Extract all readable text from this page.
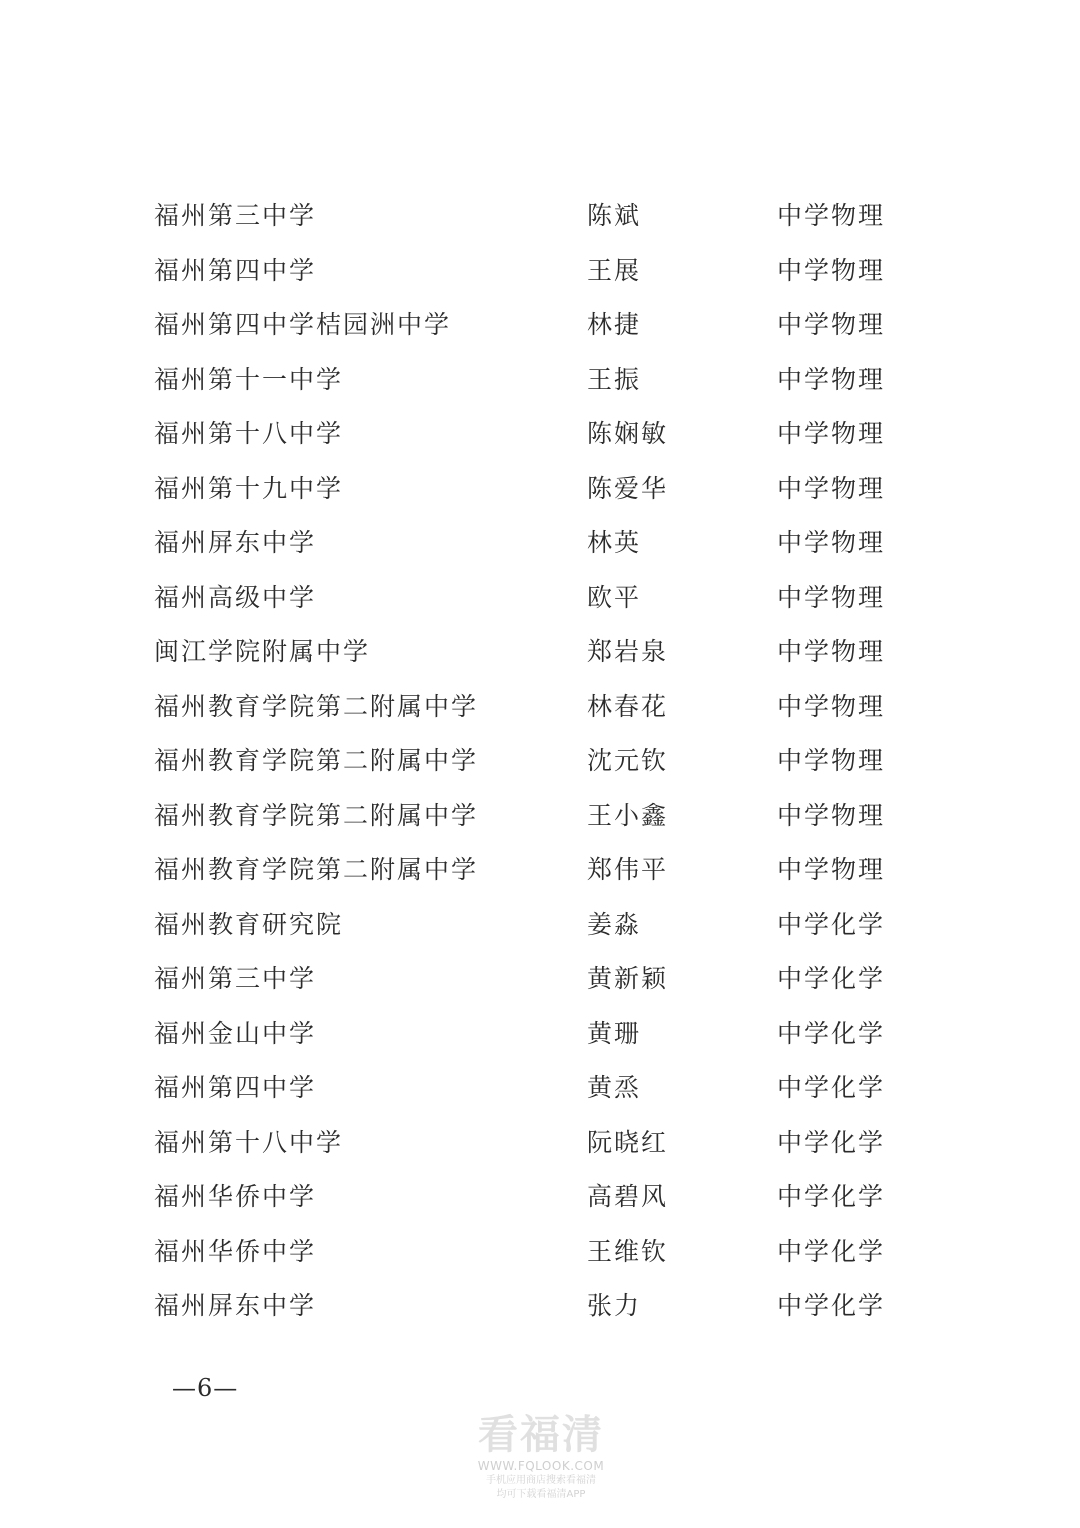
福州第三中学	陈斌	中学物理
福州第四中学	王展	中学物理
福州第四中学桔园洲中学	林捷	中学物理
福州第十一中学	王振	中学物理
福州第十八中学	陈娴敏	中学物理
福州第十九中学	陈爱华	中学物理
福州屏东中学	林英	中学物理
福州高级中学	欧平	中学物理
闽江学院附属中学	郑岩泉	中学物理
福州教育学院第二附属中学	林春花	中学物理
福州教育学院第二附属中学	沈元钦	中学物理
福州教育学院第二附属中学	王小鑫	中学物理
福州教育学院第二附属中学	郑伟平	中学物理
福州教育研究院	姜淼	中学化学
福州第三中学	黄新颖	中学化学
福州金山中学	黄珊	中学化学
福州第四中学	黄烝	中学化学
福州第十八中学	阮晓红	中学化学
福州华侨中学	高碧风	中学化学
福州华侨中学	王维钦	中学化学
福州屏东中学	张力	中学化学
—6—
看福清
WWW.FQLOOK.COM
手机应用商店搜索看福清
均可下载看福清APP
